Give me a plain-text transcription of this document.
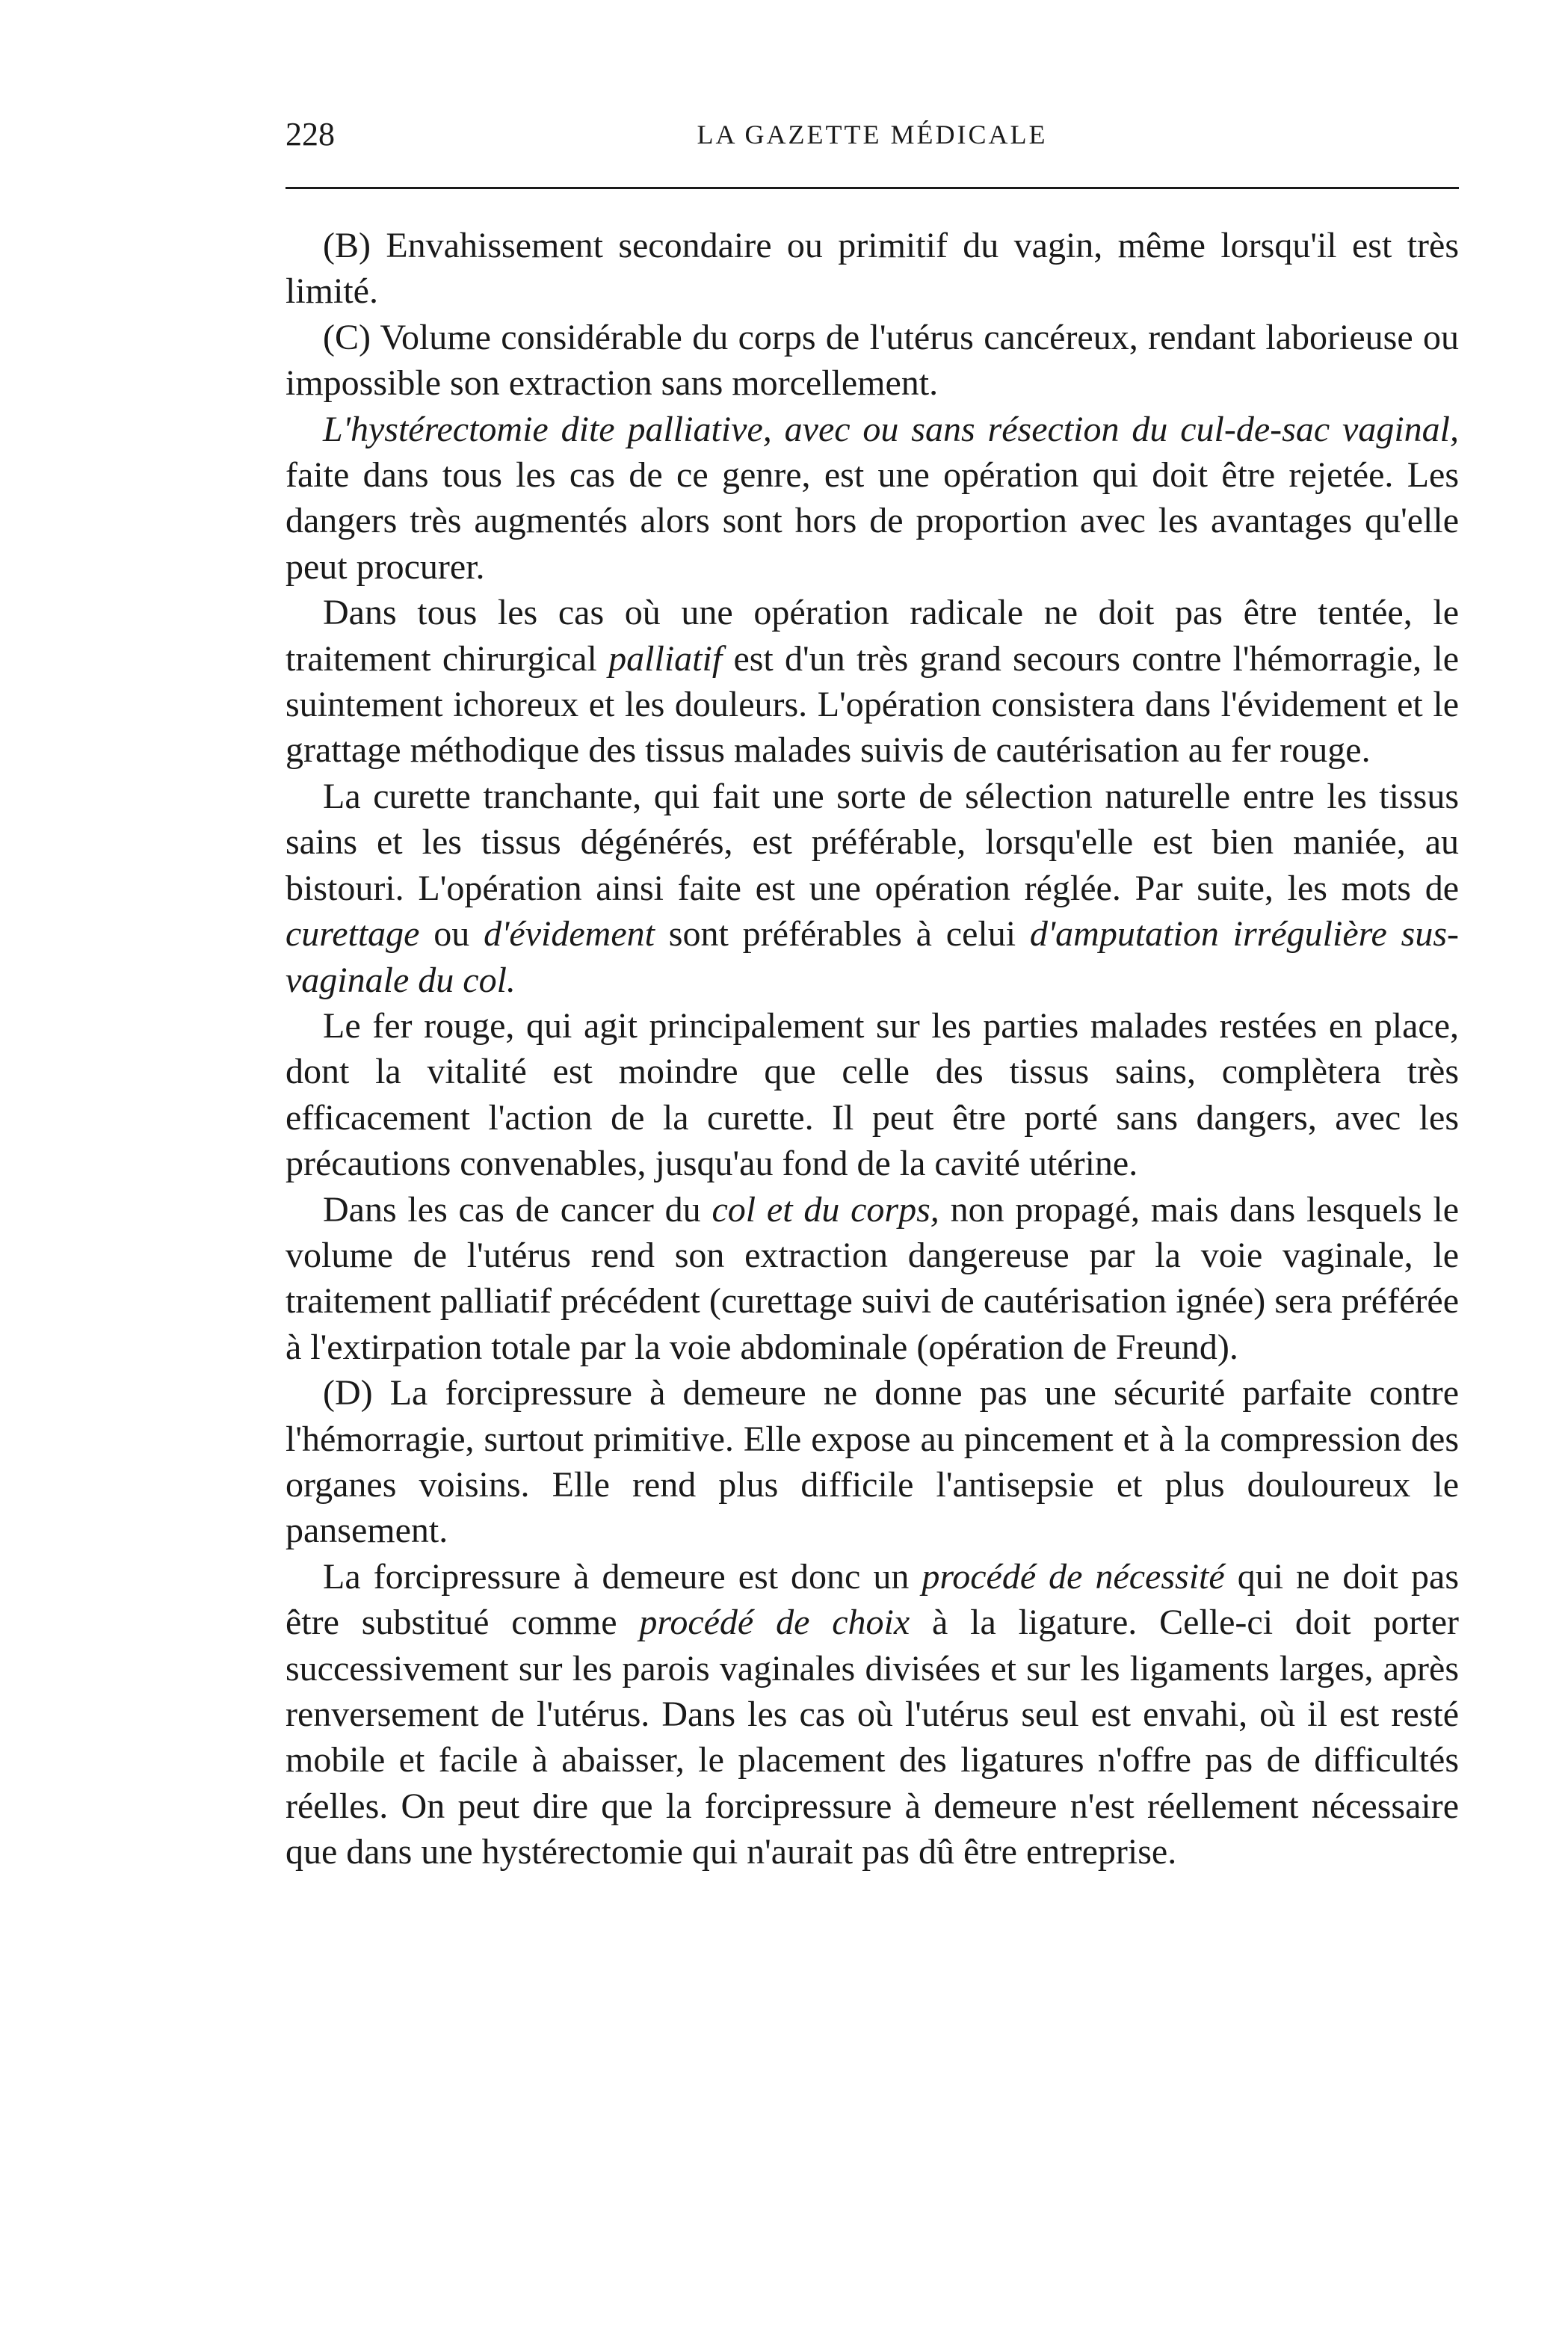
228	LA GAZETTE MÉDICALE

(B) Envahissement secondaire ou primitif du vagin, même lorsqu'il est très limité.

(C) Volume considérable du corps de l'utérus cancéreux, rendant laborieuse ou impossible son extraction sans morcellement.

L'hystérectomie dite palliative, avec ou sans résection du cul-de-sac vaginal, faite dans tous les cas de ce genre, est une opération qui doit être rejetée. Les dangers très augmentés alors sont hors de proportion avec les avantages qu'elle peut procurer.

Dans tous les cas où une opération radicale ne doit pas être tentée, le traitement chirurgical palliatif est d'un très grand secours contre l'hémorragie, le suintement ichoreux et les douleurs. L'opération consistera dans l'évidement et le grattage méthodique des tissus malades suivis de cautérisation au fer rouge.

La curette tranchante, qui fait une sorte de sélection naturelle entre les tissus sains et les tissus dégénérés, est préférable, lorsqu'elle est bien maniée, au bistouri. L'opération ainsi faite est une opération réglée. Par suite, les mots de curettage ou d'évidement sont préférables à celui d'amputation irrégulière sus-vaginale du col.

Le fer rouge, qui agit principalement sur les parties malades restées en place, dont la vitalité est moindre que celle des tissus sains, complètera très efficacement l'action de la curette. Il peut être porté sans dangers, avec les précautions convenables, jusqu'au fond de la cavité utérine.

Dans les cas de cancer du col et du corps, non propagé, mais dans lesquels le volume de l'utérus rend son extraction dangereuse par la voie vaginale, le traitement palliatif précédent (curettage suivi de cautérisation ignée) sera préférée à l'extirpation totale par la voie abdominale (opération de Freund).

(D) La forcipressure à demeure ne donne pas une sécurité parfaite contre l'hémorragie, surtout primitive. Elle expose au pincement et à la compression des organes voisins. Elle rend plus difficile l'antisepsie et plus douloureux le pansement.

La forcipressure à demeure est donc un procédé de nécessité qui ne doit pas être substitué comme procédé de choix à la ligature. Celle-ci doit porter successivement sur les parois vaginales divisées et sur les ligaments larges, après renversement de l'utérus. Dans les cas où l'utérus seul est envahi, où il est resté mobile et facile à abaisser, le placement des ligatures n'offre pas de difficultés réelles. On peut dire que la forcipressure à demeure n'est réellement nécessaire que dans une hystérectomie qui n'aurait pas dû être entreprise.
